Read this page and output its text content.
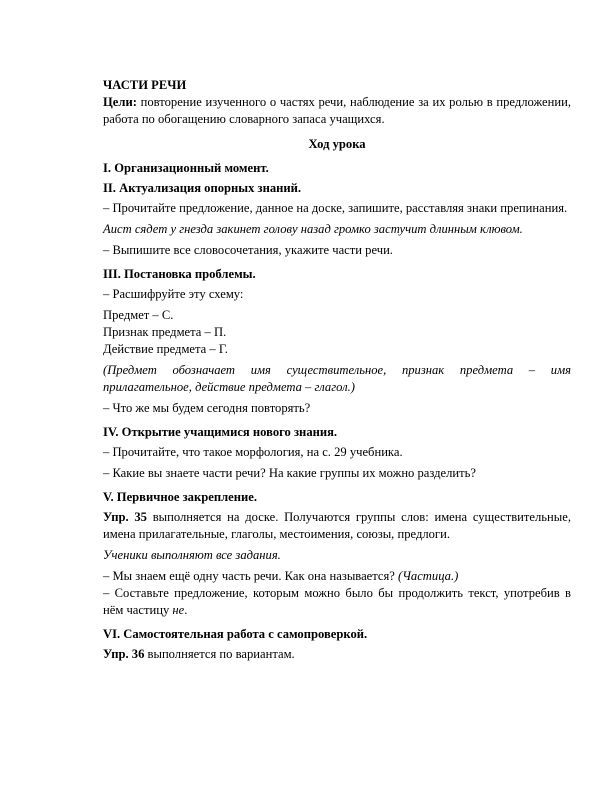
ЧАСТИ РЕЧИ

Цели: повторение изученного о частях речи, наблюдение за их ролью в предложении, работа по обогащению словарного запаса учащихся.

Ход урока

I. Организационный момент.

II. Актуализация опорных знаний.

– Прочитайте предложение, данное на доске, запишите, расставляя знаки препинания.

Аист сядет у гнезда закинет голову назад громко застучит длинным клювом.

– Выпишите все словосочетания, укажите части речи.

III. Постановка проблемы.

– Расшифруйте эту схему:

Предмет – С.

Признак предмета – П.

Действие предмета – Г.

(Предмет обозначает имя существительное, признак предмета – имя прилагательное, действие предмета – глагол.)

– Что же мы будем сегодня повторять?

IV. Открытие учащимися нового знания.

– Прочитайте, что такое морфология, на с. 29 учебника.

– Какие вы знаете части речи? На какие группы их можно разделить?

V. Первичное закрепление.

Упр. 35 выполняется на доске. Получаются группы слов: имена существительные, имена прилагательные, глаголы, местоимения, союзы, предлоги.

Ученики выполняют все задания.

– Мы знаем ещё одну часть речи. Как она называется? (Частица.)

– Составьте предложение, которым можно было бы продолжить текст, употребив в нём частицу не.

VI. Самостоятельная работа с самопроверкой.

Упр. 36 выполняется по вариантам.
